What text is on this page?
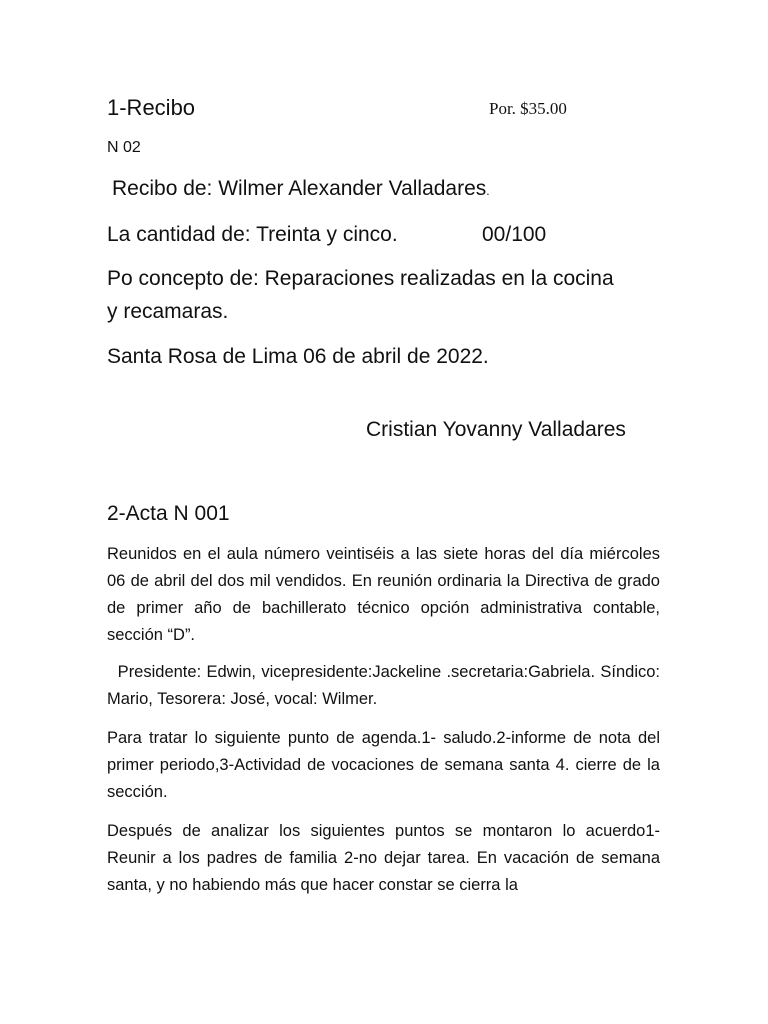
1-Recibo	Por. $35.00
N 02
Recibo de: Wilmer Alexander Valladares.
La cantidad de: Treinta y cinco.	00/100
Po concepto de: Reparaciones realizadas en la cocina
y recamaras.
Santa Rosa de Lima 06 de abril de 2022.
Cristian Yovanny Valladares
2-Acta N 001

Reunidos en el aula número veintiséis a las siete horas del día miércoles 06 de abril del dos mil vendidos. En reunión ordinaria la Directiva de grado de primer año de bachillerato técnico opción administrativa contable, sección “D”.

Presidente: Edwin, vicepresidente:Jackeline .secretaria:Gabriela. Síndico: Mario, Tesorera: José, vocal: Wilmer.

Para tratar lo siguiente punto de agenda.1- saludo.2-informe de nota del primer periodo,3-Actividad de vocaciones de semana santa 4. cierre de la sección.

Después de analizar los siguientes puntos se montaron lo acuerdo1- Reunir a los padres de familia 2-no dejar tarea. En vacación de semana santa, y no habiendo más que hacer constar se cierra la
